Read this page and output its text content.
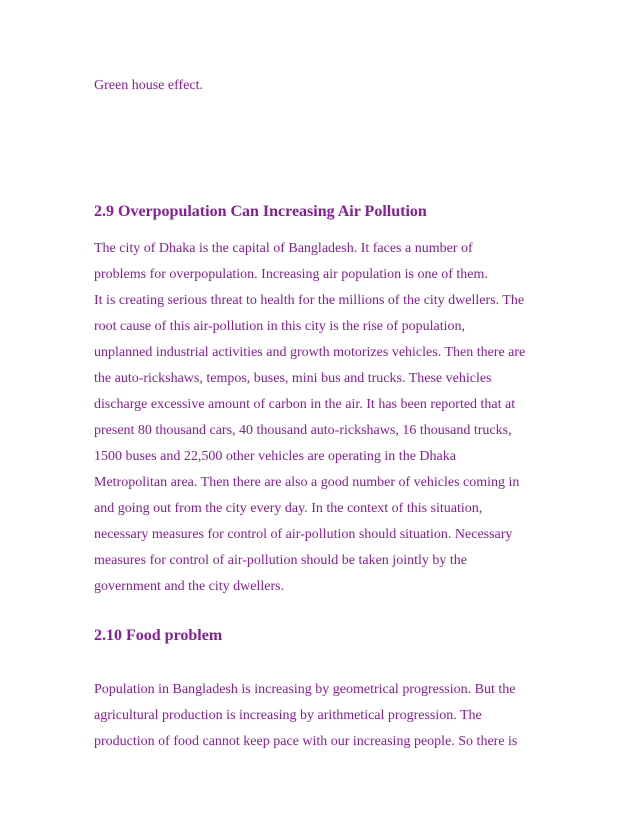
Green house effect.

2.9 Overpopulation Can Increasing Air Pollution
The city of Dhaka is the capital of Bangladesh. It faces a number of
problems for overpopulation. Increasing air population is one of them.
It is creating serious threat to health for the millions of the city dwellers. The
root cause of this air-pollution in this city is the rise of population,
unplanned industrial activities and growth motorizes vehicles. Then there are
the auto-rickshaws, tempos, buses, mini bus and trucks. These vehicles
discharge excessive amount of carbon in the air. It has been reported that at
present 80 thousand cars, 40 thousand auto-rickshaws, 16 thousand trucks,
1500 buses and 22,500 other vehicles are operating in the Dhaka
Metropolitan area. Then there are also a good number of vehicles coming in
and going out from the city every day. In the context of this situation,
necessary measures for control of air-pollution should situation. Necessary
measures for control of air-pollution should be taken jointly by the
government and the city dwellers.
2.10 Food problem
Population in Bangladesh is increasing by geometrical progression. But the
agricultural production is increasing by arithmetical progression. The
production of food cannot keep pace with our increasing people. So there is
